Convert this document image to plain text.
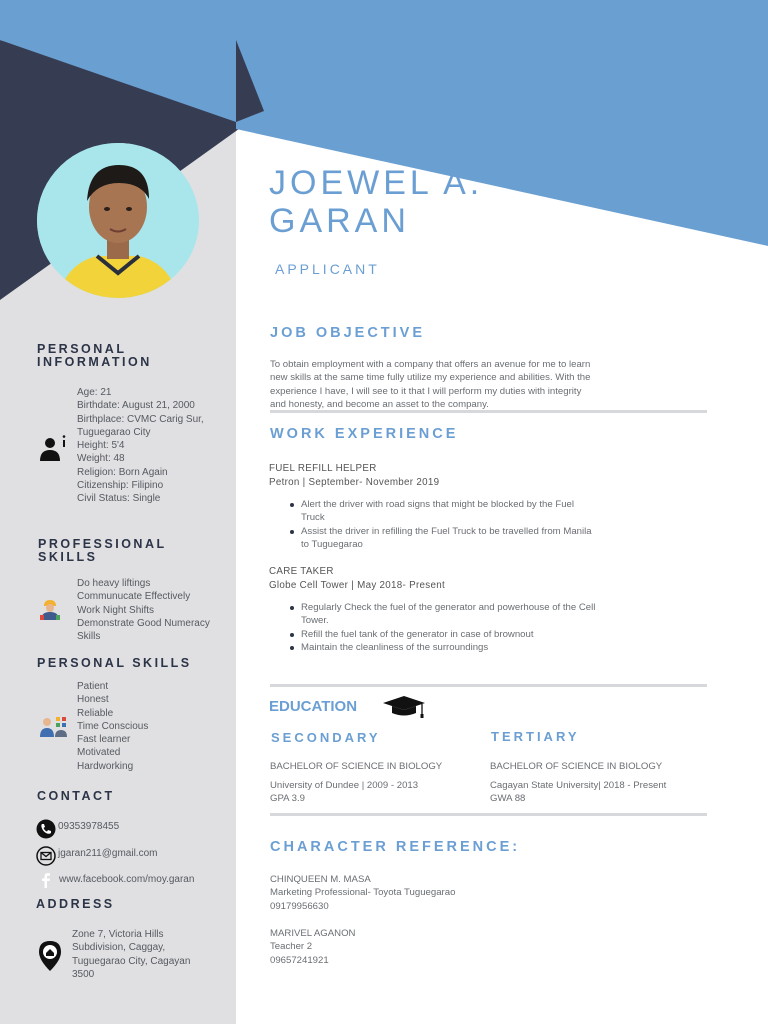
JOEWEL A.
GARAN
APPLICANT
PERSONAL
INFORMATION
Age: 21
Birthdate: August 21, 2000
Birthplace: CVMC Carig Sur,
Tuguegarao City
Height: 5'4
Weight: 48
Religion: Born Again
Citizenship: Filipino
Civil Status: Single
PROFESSIONAL
SKILLS
Do heavy liftings
Communucate Effectively
Work Night Shifts
Demonstrate Good Numeracy
Skills
PERSONAL SKILLS
Patient
Honest
Reliable
Time Conscious
Fast learner
Motivated
Hardworking
CONTACT
09353978455
jgaran211@gmail.com
www.facebook.com/moy.garan
ADDRESS
Zone 7, Victoria Hills
Subdivision, Caggay,
Tuguegarao City, Cagayan
3500
JOB OBJECTIVE
To obtain employment with a company that offers an avenue for me to learn
new skills at the same time fully utilize my experience and abilities. With the
experience I have, I will see to it that I will perform my duties with integrity
and honesty, and become an asset to the company.
WORK EXPERIENCE
FUEL REFILL HELPER
Petron | September- November 2019
Alert the driver with road signs that might be blocked by the Fuel
Truck
Assist the driver in refilling the Fuel Truck to be travelled from Manila
to Tuguegarao
CARE TAKER
Globe Cell Tower | May 2018- Present
Regularly Check the fuel of the generator and powerhouse of the Cell
Tower.
Refill the fuel tank of the generator in case of brownout
Maintain the cleanliness of the surroundings
EDUCATION
SECONDARY
BACHELOR OF SCIENCE IN BIOLOGY
University of Dundee | 2009 - 2013
GPA 3.9
TERTIARY
BACHELOR OF SCIENCE IN BIOLOGY
Cagayan State University| 2018 - Present
GWA 88
CHARACTER REFERENCE:
CHINQUEEN M. MASA
Marketing Professional- Toyota Tuguegarao
09179956630
MARIVEL AGANON
Teacher 2
09657241921
